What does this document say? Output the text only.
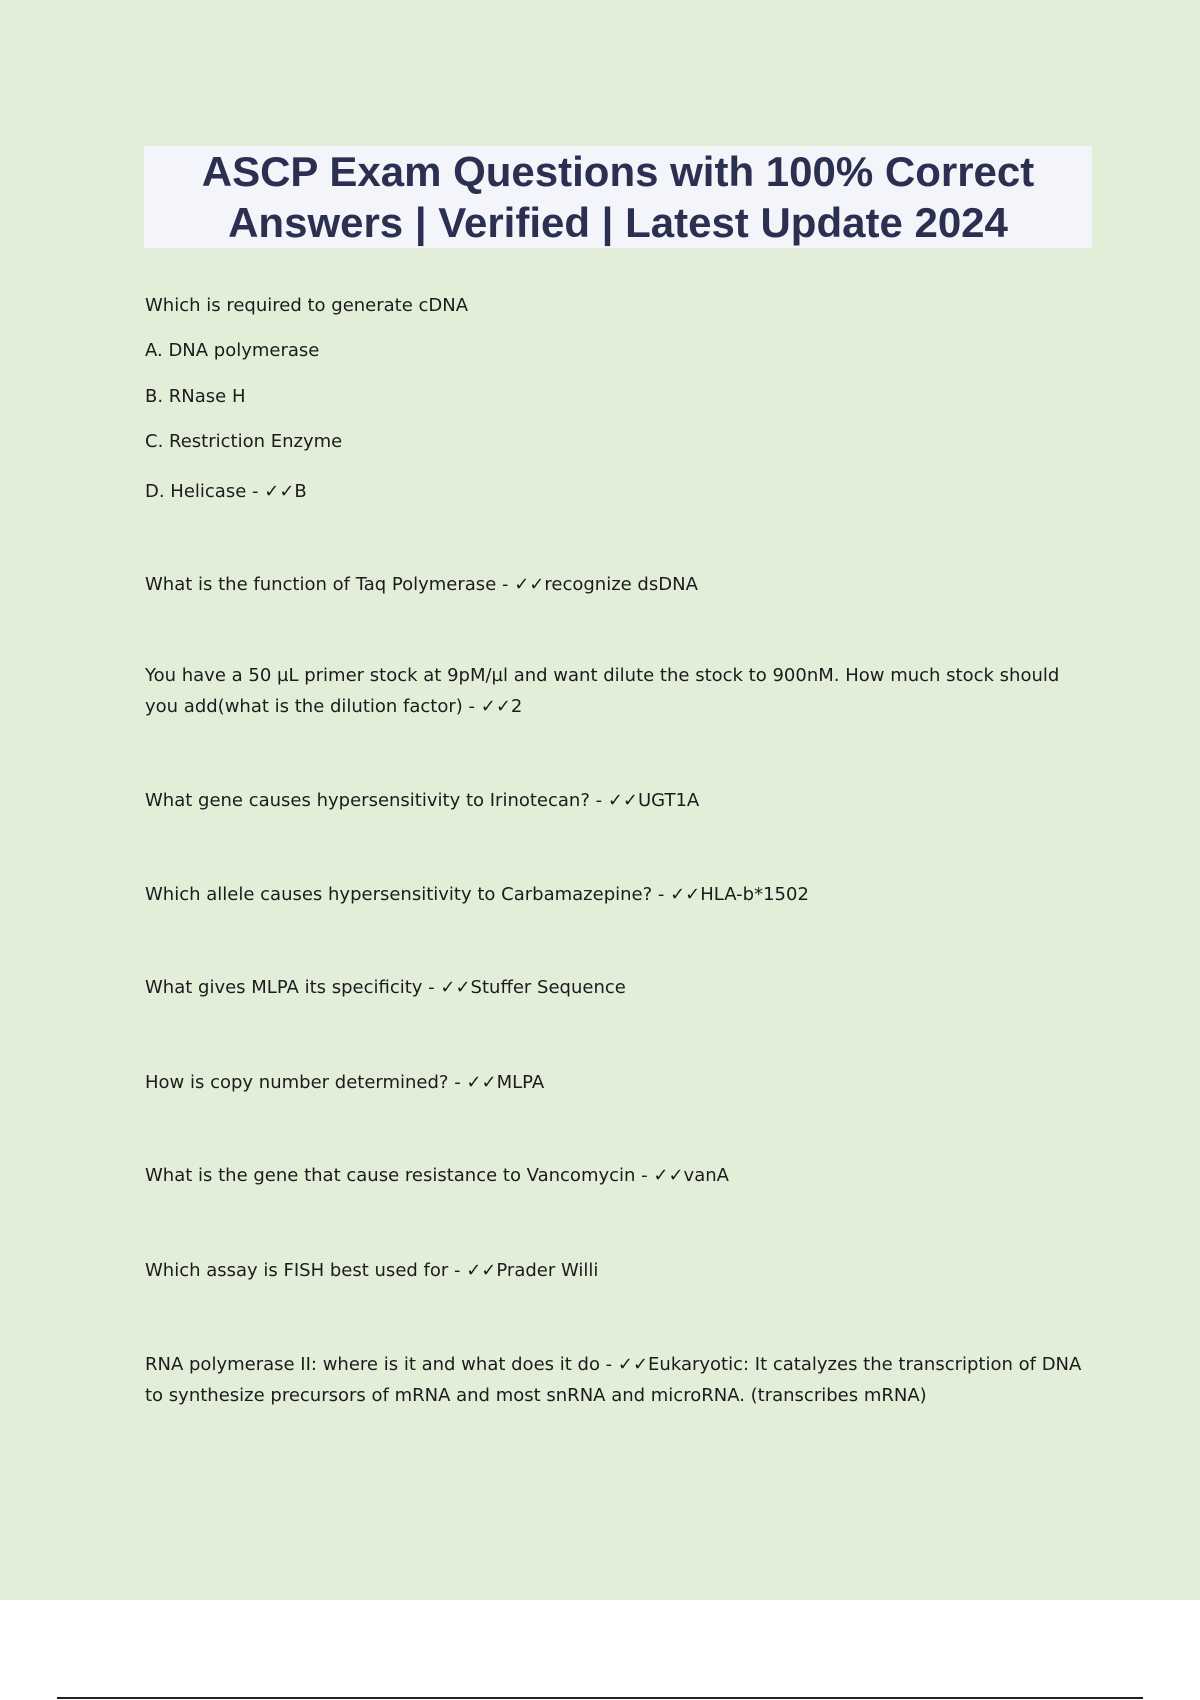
ASCP Exam Questions with 100% Correct Answers | Verified | Latest Update 2024
Which is required to generate cDNA
A. DNA polymerase
B. RNase H
C. Restriction Enzyme
D. Helicase - ✓✓B
What is the function of Taq Polymerase - ✓✓recognize dsDNA
You have a 50 µL primer stock at 9pM/µl and want dilute the stock to 900nM. How much stock should you add(what is the dilution factor) - ✓✓2
What gene causes hypersensitivity to Irinotecan? - ✓✓UGT1A
Which allele causes hypersensitivity to Carbamazepine? - ✓✓HLA-b*1502
What gives MLPA its specificity - ✓✓Stuffer Sequence
How is copy number determined? - ✓✓MLPA
What is the gene that cause resistance to Vancomycin - ✓✓vanA
Which assay is FISH best used for - ✓✓Prader Willi
RNA polymerase II: where is it and what does it do - ✓✓Eukaryotic: It catalyzes the transcription of DNA to synthesize precursors of mRNA and most snRNA and microRNA. (transcribes mRNA)
